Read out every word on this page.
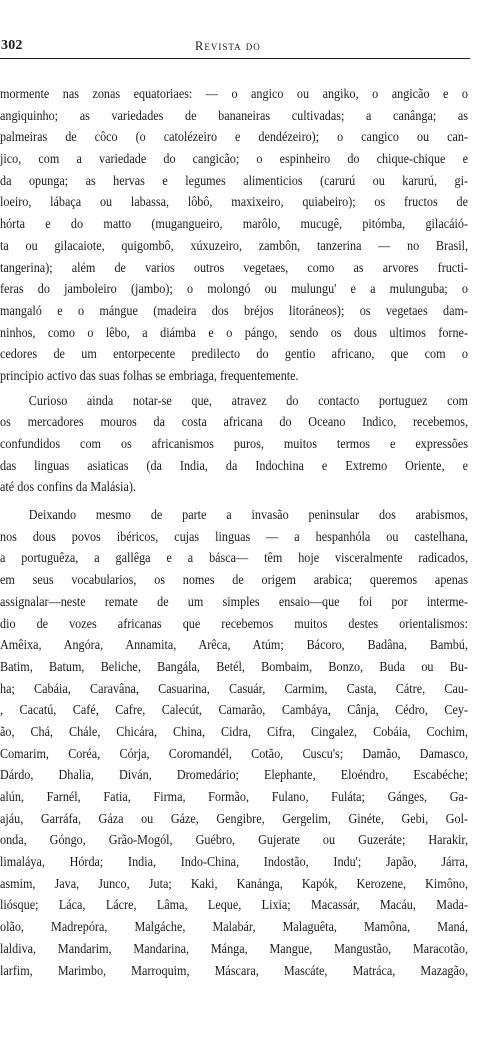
302	Revista do
mormente nas zonas equatoriaes: — o angico ou angiko, o angicão e o
angiquinho; as variedades de bananeiras cultivadas; a canânga; as
palmeiras de côco (o catolézeiro e dendézeiro); o cangico ou can-
jico, com a variedade do cangicão; o espinheiro do chique-chique e
da opunga; as hervas e legumes alimenticios (carurú ou karurú, gi-
loeiro, lábaça ou labassa, lôbô, maxixeiro, quiabeiro); os fructos de
hórta e do matto (mugangueiro, marôlo, mucugê, pitómba, gilacáió-
ta ou gilacaiote, quigombô, xúxuzeiro, zambôn, tanzerina — no Brasil,
tangerina); além de varios outros vegetaes, como as arvores fructi-
feras do jamboleiro (jambo); o molongó ou mulungu' e a mulunguba; o
mangaló e o mángue (madeira dos bréjos litoráneos); os vegetaes dam-
ninhos, como o lêbo, a diámba e o pángo, sendo os dous ultimos forne-
cedores de um entorpecente predilecto do gentio africano, que com o
principio activo das suas folhas se embriaga, frequentemente.
Curioso ainda notar-se que, atravez do contacto portuguez com
os mercadores mouros da costa africana do Oceano Indico, recebemos,
confundidos com os africanismos puros, muitos termos e expressões
das linguas asiaticas (da India, da Indochina e Extremo Oriente, e
até dos confins da Malásia).
Deixando mesmo de parte a invasão peninsular dos arabismos,
nos dous povos ibéricos, cujas linguas — a hespanhóla ou castelhana,
a portuguêza, a gallêga e a básca— têm hoje visceralmente radicados,
em seus vocabularios, os nomes de origem arabica; queremos apenas
assignalar—neste remate de um simples ensaio—que foi por interme-
dio de vozes africanas que recebemos muitos destes orientalismos:
Amêixa, Angóra, Annamita, Arêca, Atúm; Bácoro, Badâna, Bambú,
Batim, Batum, Beliche, Bangála, Betél, Bombaim, Bonzo, Buda ou Bu-
ha; Cabáia, Caravâna, Casuarina, Casuár, Carmim, Casta, Cátre, Cau-
, Cacatú, Café, Cafre, Calecút, Camarão, Cambáya, Cânja, Cédro, Cey-
ão, Chá, Chále, Chicára, China, Cidra, Cifra, Cingalez, Cobáia, Cochim,
Comarim, Coréa, Córja, Coromandél, Cotão, Cuscu's; Damão, Damasco,
Dárdo, Dhalia, Diván, Dromedário; Elephante, Eloéndro, Escabéche;
alún, Farnél, Fatia, Firma, Formão, Fulano, Fuláta; Gánges, Ga-
ajáu, Garráfa, Gáza ou Gáze, Gengibre, Gergelim, Ginéte, Gebi, Gol-
onda, Góngo, Grão-Mogól, Guébro, Gujerate ou Guzeráte; Harakir,
limaláya, Hórda; India, Indo-China, Indostão, Indu'; Japão, Járra,
asmim, Java, Junco, Juta; Kaki, Kanánga, Kapók, Kerozene, Kimôno,
liósque; Láca, Lácre, Lâma, Leque, Lixia; Macassár, Macáu, Mada-
olão, Madrepóra, Malgáche, Malabár, Malaguêta, Mamôna, Maná,
laldiva, Mandarim, Mandarina, Mánga, Mangue, Mangustão, Maracotão,
larfim, Marimbo, Marroquim, Máscara, Mascáte, Matráca, Mazagão,
